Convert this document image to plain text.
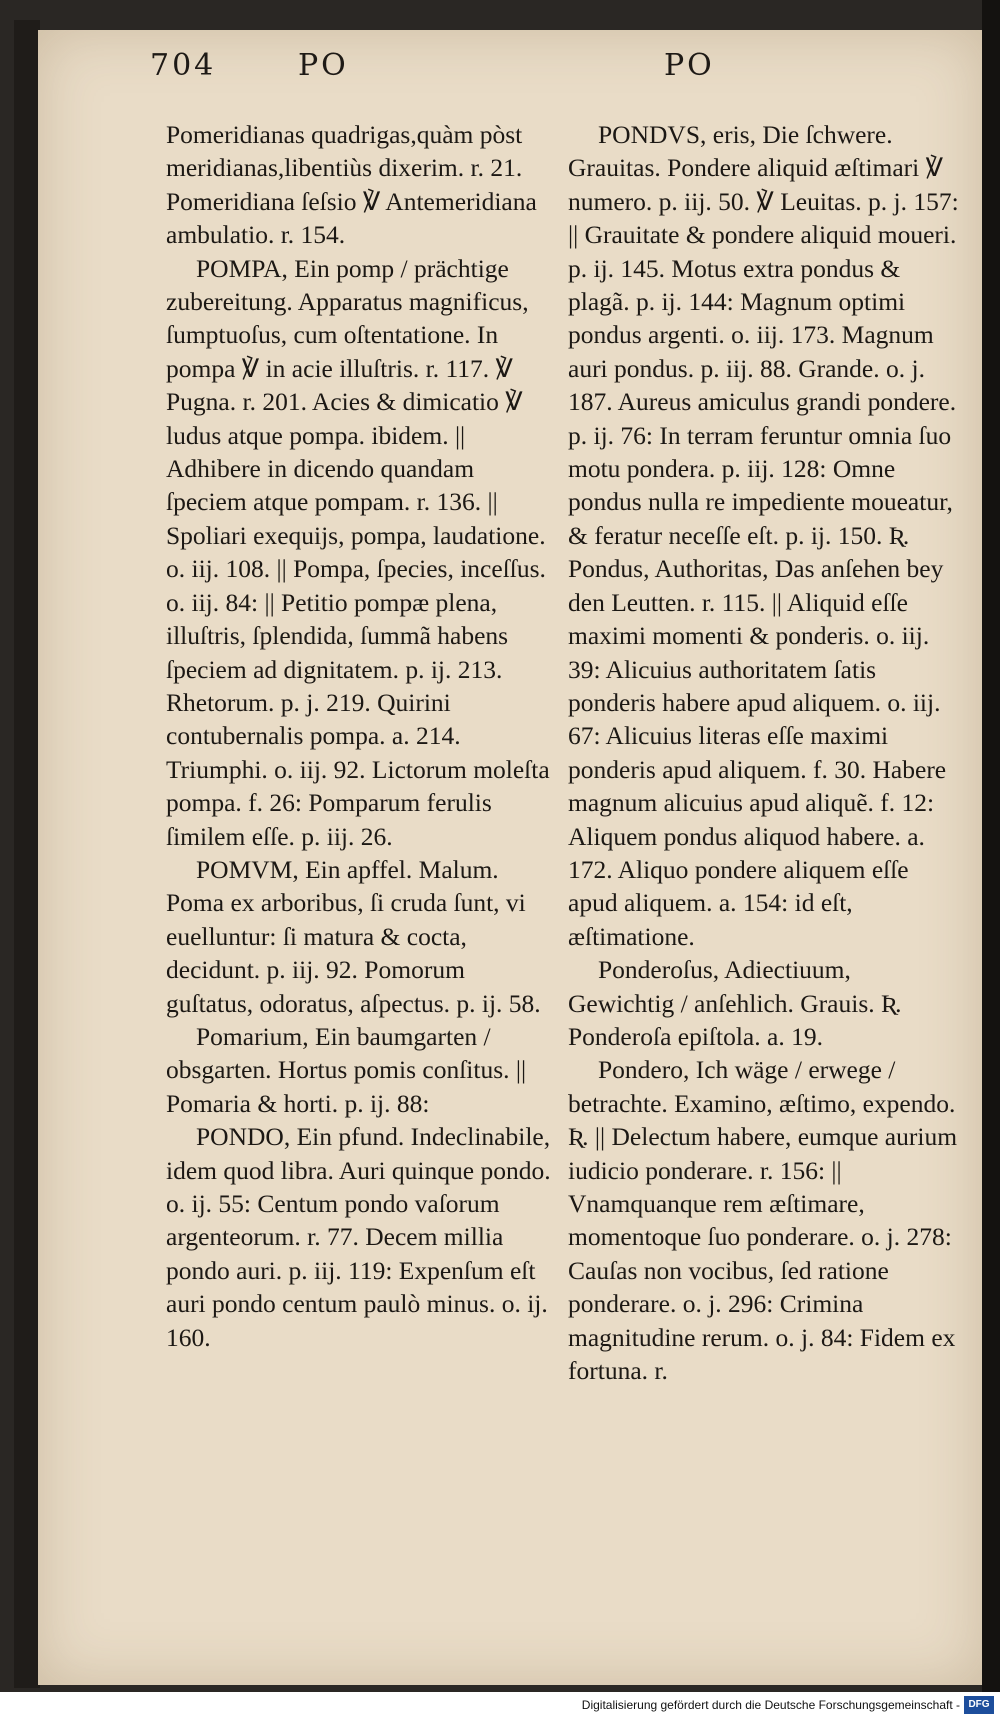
704	PO	PO

Pomeridianas quadrigas,quàm pòst meridianas,libentiùs dixerim. r. 21. Pomeridiana ſeſsio ℣ Antemeridiana ambulatio. r. 154.

POMPA, Ein pomp / prächtige zubereitung. Apparatus magnificus, ſumptuoſus, cum oſtentatione. In pompa ℣ in acie illuſtris. r. 117. ℣ Pugna. r. 201. Acies & dimicatio ℣ ludus atque pompa. ibidem. || Adhibere in dicendo quandam ſpeciem atque pompam. r. 136. || Spoliari exequijs, pompa, laudatione. o. iij. 108. || Pompa, ſpecies, inceſſus. o. iij. 84: || Petitio pompæ plena, illuſtris, ſplendida, ſummã habens ſpeciem ad dignitatem. p. ij. 213. Rhetorum. p. j. 219. Quirini contubernalis pompa. a. 214. Triumphi. o. iij. 92. Lictorum moleſta pompa. f. 26: Pomparum ferulis ſimilem eſſe. p. iij. 26.

POMVM, Ein apffel. Malum. Poma ex arboribus, ſi cruda ſunt, vi euelluntur: ſi matura & cocta, decidunt. p. iij. 92. Pomorum guſtatus, odoratus, aſpectus. p. ij. 58.

Pomarium, Ein baumgarten / obsgarten. Hortus pomis conſitus. || Pomaria & horti. p. ij. 88:

PONDO, Ein pfund. Indeclinabile, idem quod libra. Auri quinque pondo. o. ij. 55: Centum pondo vaſorum argenteorum. r. 77. Decem millia pondo auri. p. iij. 119: Expenſum eſt auri pondo centum paulò minus. o. ij. 160.

PONDVS, eris, Die ſchwere. Grauitas. Pondere aliquid æſtimari ℣ numero. p. iij. 50. ℣ Leuitas. p. j. 157: || Grauitate & pondere aliquid moueri. p. ij. 145. Motus extra pondus & plagã. p. ij. 144: Magnum optimi pondus argenti. o. iij. 173. Magnum auri pondus. p. iij. 88. Grande. o. j. 187. Aureus amiculus grandi pondere. p. ij. 76: In terram feruntur omnia ſuo motu pondera. p. iij. 128: Omne pondus nulla re impediente moueatur, & feratur neceſſe eſt. p. ij. 150. Ʀ. Pondus, Authoritas, Das anſehen bey den Leutten. r. 115. || Aliquid eſſe maximi momenti & ponderis. o. iij. 39: Alicuius authoritatem ſatis ponderis habere apud aliquem. o. iij. 67: Alicuius literas eſſe maximi ponderis apud aliquem. f. 30. Habere magnum alicuius apud aliquẽ. f. 12: Aliquem pondus aliquod habere. a. 172. Aliquo pondere aliquem eſſe apud aliquem. a. 154: id eſt, æſtimatione.

Ponderoſus, Adiectiuum, Gewichtig / anſehlich. Grauis. Ʀ. Ponderoſa epiſtola. a. 19.

Pondero, Ich wäge / erwege / betrachte. Examino, æſtimo, expendo. Ʀ. || Delectum habere, eumque aurium iudicio ponderare. r. 156: || Vnamquanque rem æſtimare, momentoque ſuo ponderare. o. j. 278: Cauſas non vocibus, ſed ratione ponderare. o. j. 296: Crimina magnitudine rerum. o. j. 84: Fidem ex fortuna. r.

Digitalisierung gefördert durch die Deutsche Forschungsgemeinschaft - DFG
